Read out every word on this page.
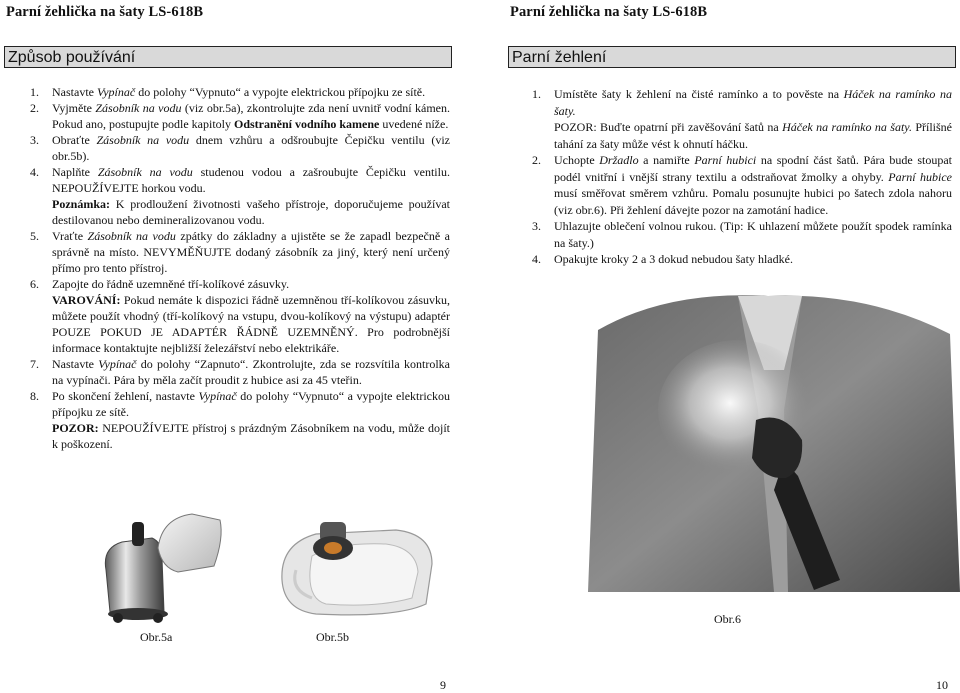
Parní žehlička na šaty LS-618B
Způsob používání
1.	Nastavte Vypínač do polohy “Vypnuto“ a vypojte elektrickou přípojku ze sítě.
2.	Vyjměte Zásobník na vodu (viz obr.5a), zkontrolujte zda není uvnitř vodní kámen. Pokud ano, postupujte podle kapitoly Odstranění vodního kamene uvedené níže.
3.	Obraťte Zásobník na vodu dnem vzhůru a odšroubujte Čepičku ventilu (viz obr.5b).
4.	Naplňte Zásobník na vodu studenou vodou a zašroubujte Čepičku ventilu. NEPOUŽÍVEJTE horkou vodu.
Poznámka: K prodloužení životnosti vašeho přístroje, doporučujeme používat destilovanou nebo demineralizovanou vodu.
5.	Vraťte Zásobník na vodu zpátky do základny a ujistěte se že zapadl bezpečně a správně na místo. NEVYMĚŇUJTE dodaný zásobník za jiný, který není určený přímo pro tento přístroj.
6.	Zapojte do řádně uzemněné tří-kolíkové zásuvky.
VAROVÁNÍ: Pokud nemáte k dispozici řádně uzemněnou tří-kolíkovou zásuvku, můžete použít vhodný (tří-kolíkový na vstupu, dvou-kolíkový na výstupu) adaptér POUZE POKUD JE ADAPTÉR ŘÁDNĚ UZEMNĚNÝ. Pro podrobnější informace kontaktujte nejbližší železářství nebo elektrikáře.
7.	Nastavte Vypínač do polohy “Zapnuto“. Zkontrolujte, zda se rozsvítila kontrolka na vypínači. Pára by měla začít proudit z hubice asi za 45 vteřin.
8.	Po skončení žehlení, nastavte Vypínač do polohy “Vypnuto“ a vypojte elektrickou přípojku ze sítě.
POZOR: NEPOUŽÍVEJTE přístroj s prázdným Zásobníkem na vodu, může dojít k poškození.
Obr.5a	Obr.5b
9
Parní žehlička na šaty LS-618B
Parní žehlení
1.	Umístěte šaty k žehlení na čisté ramínko a to pověste na Háček na ramínko na šaty.
POZOR: Buďte opatrní při zavěšování šatů na Háček na ramínko na šaty. Přílišné tahání za šaty může vést k ohnutí háčku.
2.	Uchopte Držadlo a namiřte Parní hubici na spodní část šatů. Pára bude stoupat podél vnitřní i vnější strany textilu a odstraňovat žmolky a ohyby. Parní hubice musí směřovat směrem vzhůru. Pomalu posunujte hubici po šatech zdola nahoru (viz obr.6). Při žehlení dávejte pozor na zamotání hadice.
3.	Uhlazujte oblečení volnou rukou. (Tip: K uhlazení můžete použít spodek ramínka na šaty.)
4.	Opakujte kroky 2 a 3 dokud nebudou šaty hladké.
Obr.6
10
